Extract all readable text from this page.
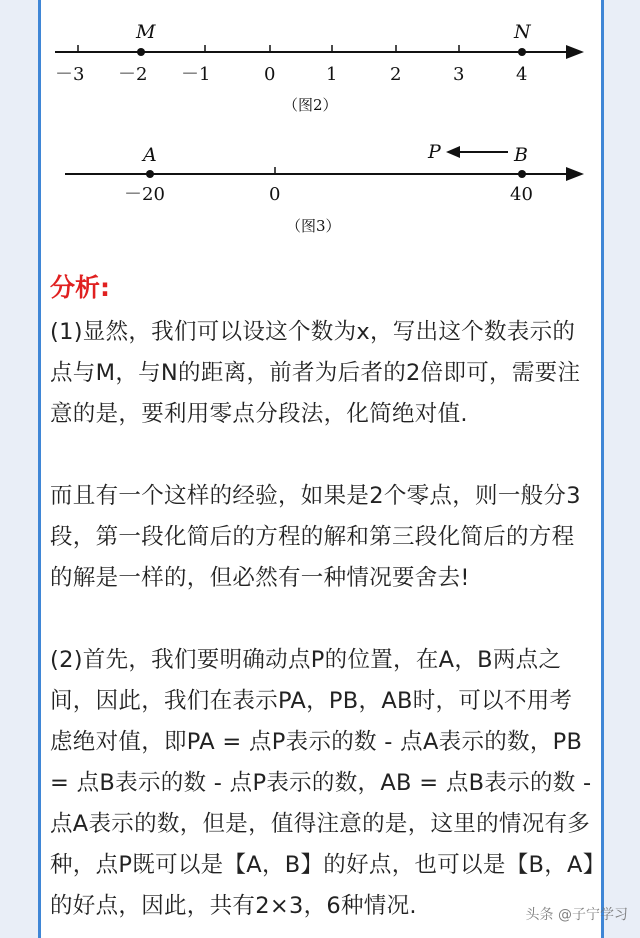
M	N
－3 －2 －1	0	1	2	3	4
（图2）
A	B
P
－20	0	40
（图3）
分析:
(1)显然，我们可以设这个数为x，写出这个数表示的点与M，与N的距离，前者为后者的2倍即可，需要注意的是，要利用零点分段法，化简绝对值.
而且有一个这样的经验，如果是2个零点，则一般分3段，第一段化简后的方程的解和第三段化简后的方程的解是一样的，但必然有一种情况要舍去!
(2)首先，我们要明确动点P的位置，在A，B两点之间，因此，我们在表示PA，PB，AB时，可以不用考虑绝对值，即PA = 点P表示的数 - 点A表示的数，PB = 点B表示的数 - 点P表示的数，AB = 点B表示的数 - 点A表示的数，但是，值得注意的是，这里的情况有多种，点P既可以是【A，B】的好点，也可以是【B，A】的好点，因此，共有2×3，6种情况.	头条 @子宁学习
